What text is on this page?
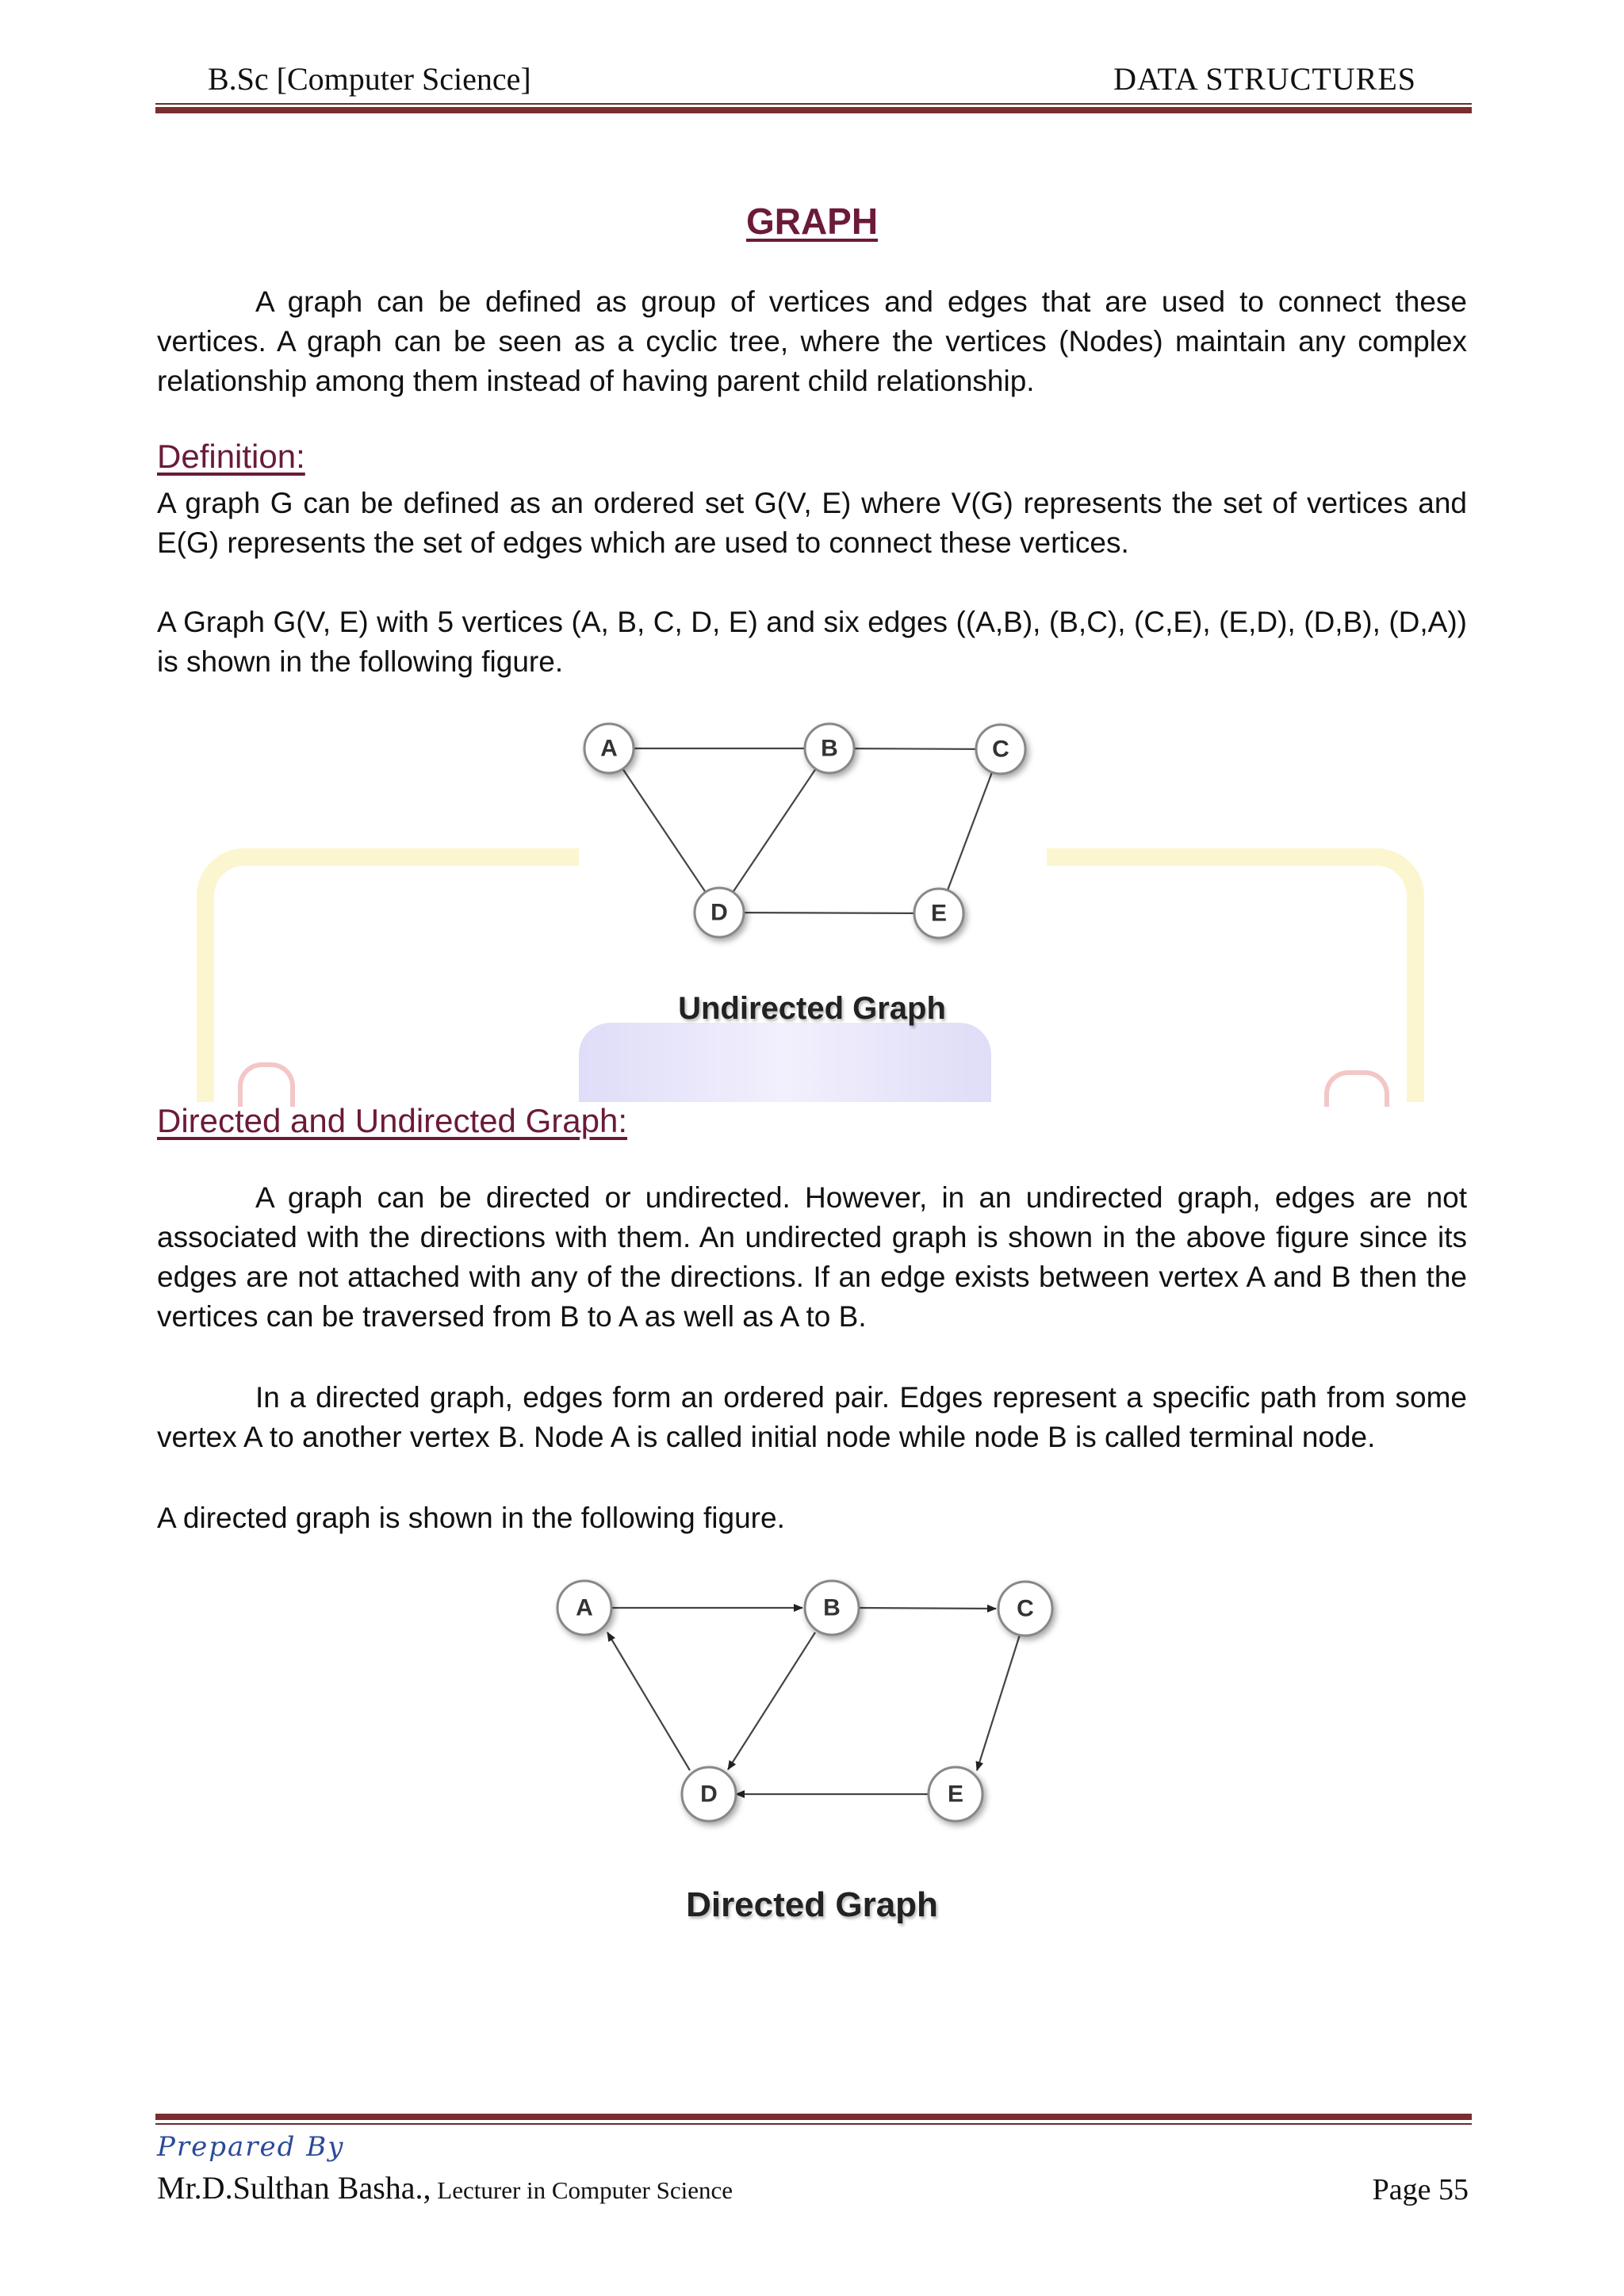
B.Sc [Computer Science]	DATA STRUCTURES
GRAPH

A graph can be defined as group of vertices and edges that are used to connect these vertices. A graph can be seen as a cyclic tree, where the vertices (Nodes) maintain any complex relationship among them instead of having parent child relationship.

Definition:

A graph G can be defined as an ordered set G(V, E) where V(G) represents the set of vertices and E(G) represents the set of edges which are used to connect these vertices.

A Graph G(V, E) with 5 vertices (A, B, C, D, E) and six edges ((A,B), (B,C), (C,E), (E,D), (D,B), (D,A)) is shown in the following figure.

A	B	C
D	E
Undirected Graph
Directed and Undirected Graph:

A graph can be directed or undirected. However, in an undirected graph, edges are not associated with the directions with them. An undirected graph is shown in the above figure since its edges are not attached with any of the directions. If an edge exists between vertex A and B then the vertices can be traversed from B to A as well as A to B.

In a directed graph, edges form an ordered pair. Edges represent a specific path from some vertex A to another vertex B. Node A is called initial node while node B is called terminal node.

A directed graph is shown in the following figure.

A	B	C
D	E
Directed Graph
Prepared By
Mr.D.Sulthan Basha., Lecturer in Computer Science	Page 55
